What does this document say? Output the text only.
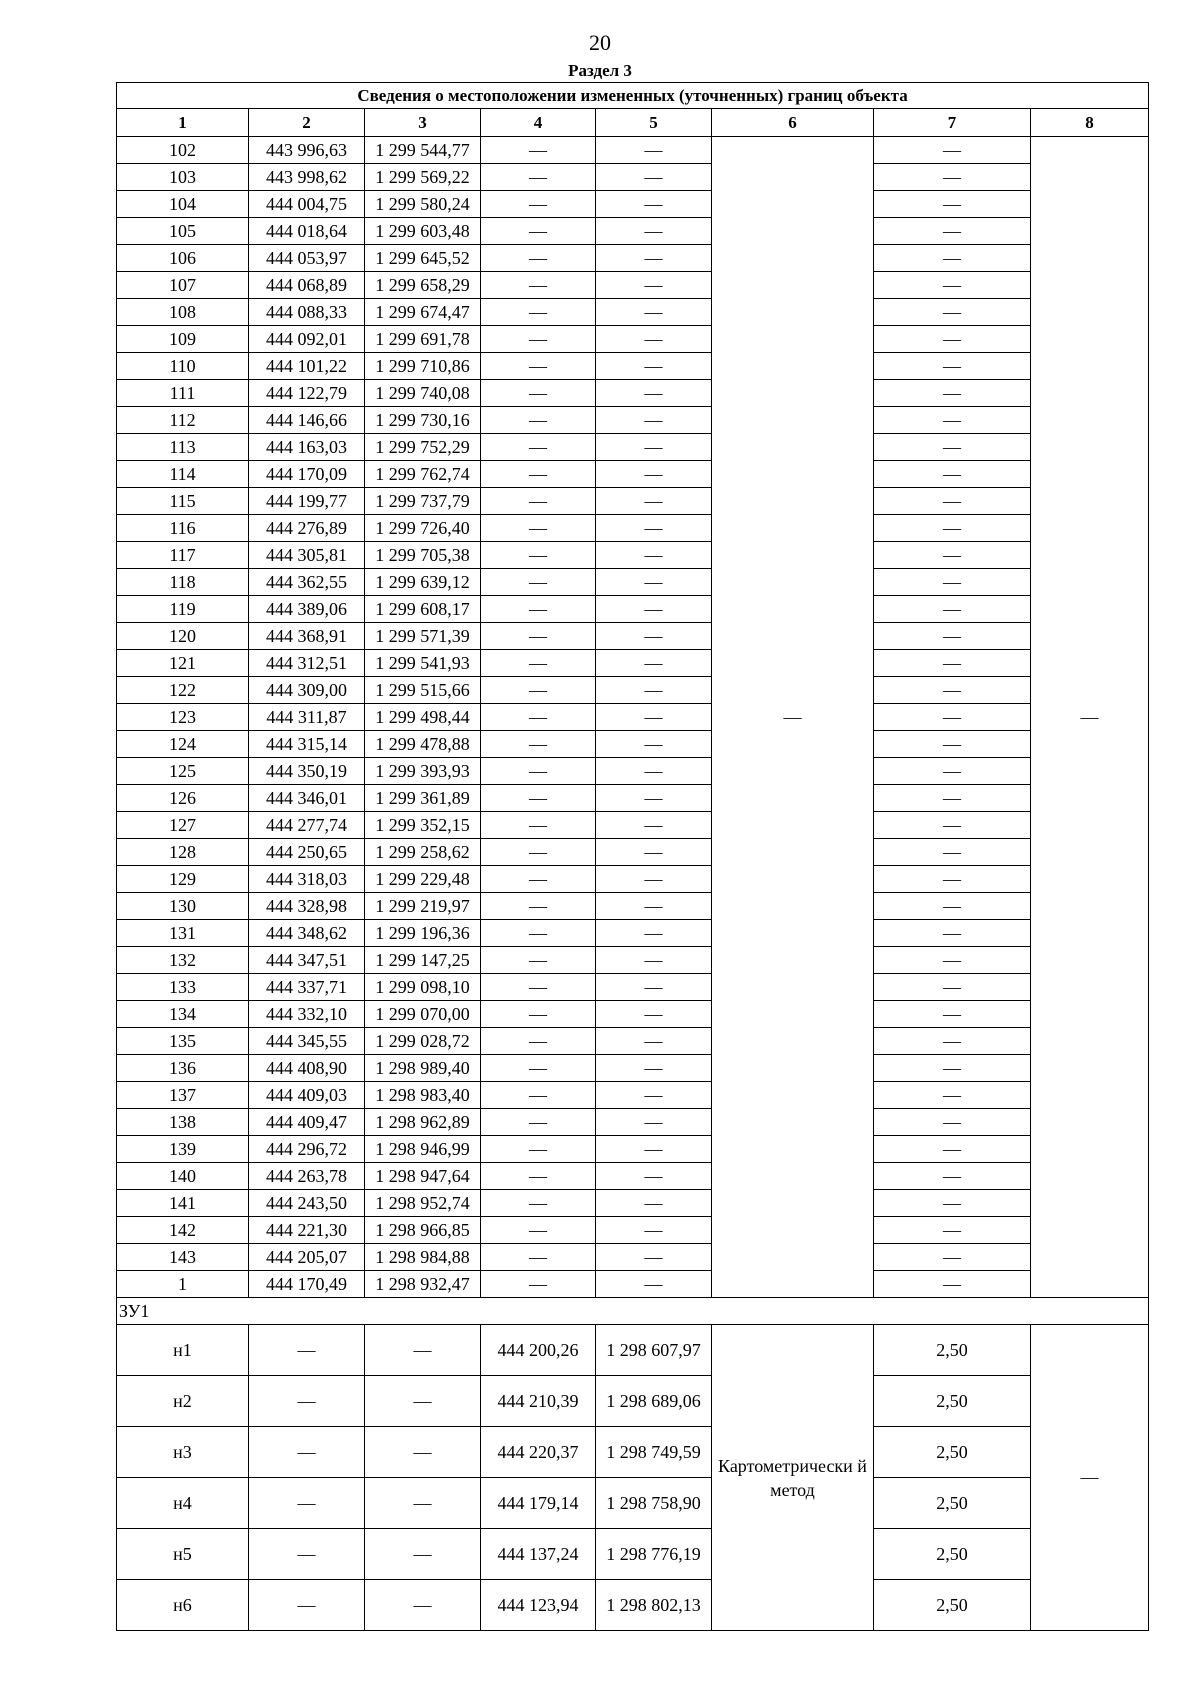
20
Раздел 3
Сведения о местоположении измененных (уточненных) границ объекта							
1	2	3	4	5	6	7	8
102	443 996,63	1 299 544,77	—	—	—	—	—
103	443 998,62	1 299 569,22	—	—		—	
104	444 004,75	1 299 580,24	—	—		—	
105	444 018,64	1 299 603,48	—	—		—	
106	444 053,97	1 299 645,52	—	—		—	
107	444 068,89	1 299 658,29	—	—		—	
108	444 088,33	1 299 674,47	—	—		—	
109	444 092,01	1 299 691,78	—	—		—	
110	444 101,22	1 299 710,86	—	—		—	
111	444 122,79	1 299 740,08	—	—		—	
112	444 146,66	1 299 730,16	—	—		—	
113	444 163,03	1 299 752,29	—	—		—	
114	444 170,09	1 299 762,74	—	—		—	
115	444 199,77	1 299 737,79	—	—		—	
116	444 276,89	1 299 726,40	—	—		—	
117	444 305,81	1 299 705,38	—	—		—	
118	444 362,55	1 299 639,12	—	—		—	
119	444 389,06	1 299 608,17	—	—		—	
120	444 368,91	1 299 571,39	—	—		—	
121	444 312,51	1 299 541,93	—	—		—	
122	444 309,00	1 299 515,66	—	—		—	
123	444 311,87	1 299 498,44	—	—		—	
124	444 315,14	1 299 478,88	—	—		—	
125	444 350,19	1 299 393,93	—	—		—	
126	444 346,01	1 299 361,89	—	—		—	
127	444 277,74	1 299 352,15	—	—		—	
128	444 250,65	1 299 258,62	—	—		—	
129	444 318,03	1 299 229,48	—	—		—	
130	444 328,98	1 299 219,97	—	—		—	
131	444 348,62	1 299 196,36	—	—		—	
132	444 347,51	1 299 147,25	—	—		—	
133	444 337,71	1 299 098,10	—	—		—	
134	444 332,10	1 299 070,00	—	—		—	
135	444 345,55	1 299 028,72	—	—		—	
136	444 408,90	1 298 989,40	—	—		—	
137	444 409,03	1 298 983,40	—	—		—	
138	444 409,47	1 298 962,89	—	—		—	
139	444 296,72	1 298 946,99	—	—		—	
140	444 263,78	1 298 947,64	—	—		—	
141	444 243,50	1 298 952,74	—	—		—	
142	444 221,30	1 298 966,85	—	—		—	
143	444 205,07	1 298 984,88	—	—		—	
1	444 170,49	1 298 932,47	—	—		—	
ЗУ1							
н1	—	—	444 200,26	1 298 607,97	Картометрически й метод	2,50	—
н2	—	—	444 210,39	1 298 689,06		2,50	
н3	—	—	444 220,37	1 298 749,59		2,50	
н4	—	—	444 179,14	1 298 758,90		2,50	
н5	—	—	444 137,24	1 298 776,19		2,50	
н6	—	—	444 123,94	1 298 802,13		2,50	
